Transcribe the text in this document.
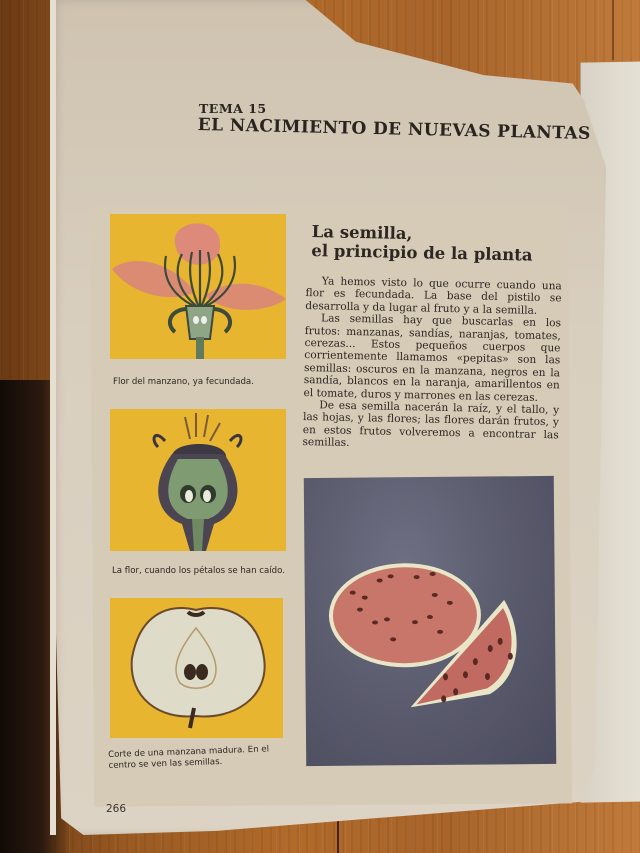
TEMA 15
EL NACIMIENTO DE NUEVAS PLANTAS
Flor del manzano, ya fecundada.
La flor, cuando los pétalos se han caído.
Corte de una manzana madura. En el centro se ven las semillas.
La semilla,
el principio de la planta

Ya hemos visto lo que ocurre cuando una flor es fecundada. La base del pistilo se desarrolla y da lugar al fruto y a la semilla.

Las semillas hay que buscarlas en los frutos: manzanas, sandías, naranjas, tomates, cerezas... Estos pequeños cuerpos que corrientemente llamamos «pepitas» son las semillas: oscuros en la manzana, negros en la sandía, blancos en la naranja, amarillentos en el tomate, duros y marrones en las cerezas.

De esa semilla nacerán la raíz, y el tallo, y las hojas, y las flores; las flores darán frutos, y en estos frutos volveremos a encontrar las semillas.

266
